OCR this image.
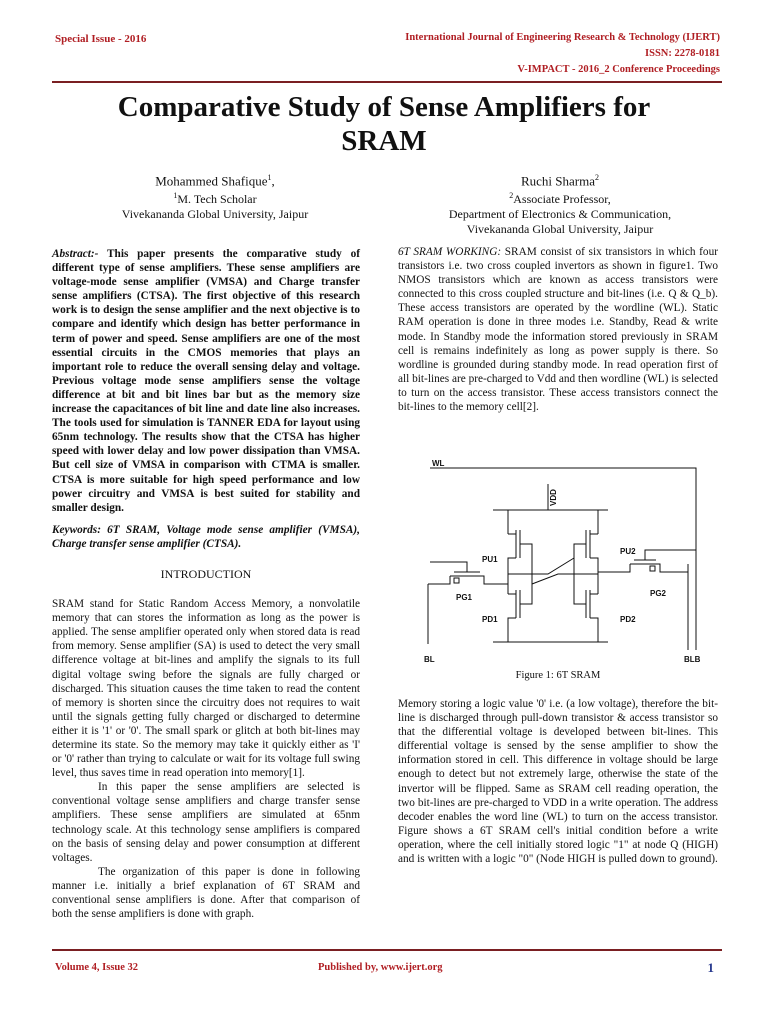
Special Issue - 2016	International Journal of Engineering Research & Technology (IJERT)
ISSN: 2278-0181
V-IMPACT - 2016_2 Conference Proceedings
Comparative Study of Sense Amplifiers for
SRAM
Mohammed Shafique$^1$,
$^1$M. Tech Scholar
Vivekananda Global University, Jaipur
Ruchi Sharma$^2$
$^2$Associate Professor,
Department of Electronics & Communication,
Vivekananda Global University, Jaipur

Abstract:- This paper presents the comparative study of different type of sense amplifiers. These sense amplifiers are voltage-mode sense amplifier (VMSA) and Charge transfer sense amplifiers (CTSA). The first objective of this research work is to design the sense amplifier and the next objective is to compare and identify which design has better performance in term of power and speed. Sense amplifiers are one of the most essential circuits in the CMOS memories that plays an important role to reduce the overall sensing delay and voltage. Previous voltage mode sense amplifiers sense the voltage difference at bit and bit lines bar but as the memory size increase the capacitances of bit line and date line also increases. The tools used for simulation is TANNER EDA for layout using 65nm technology. The results show that the CTSA has higher speed with lower delay and low power dissipation than VMSA. But cell size of VMSA in comparison with CTMA is smaller. CTSA is more suitable for high speed performance and low power circuitry and VMSA is best suited for stability and smaller design.

Keywords: 6T SRAM, Voltage mode sense amplifier (VMSA), Charge transfer sense amplifier (CTSA).

INTRODUCTION

SRAM stand for Static Random Access Memory, a nonvolatile memory that can stores the information as long as the power is applied. The sense amplifier operated only when stored data is read from memory. Sense amplifier (SA) is used to detect the very small difference voltage at bit-lines and amplify the signals to its full digital voltage swing before the signals are fully charged or discharged. This situation causes the time taken to read the content of memory is shorten since the circuitry does not requires to wait until the signals getting fully charged or discharged to determine either it is '1' or '0'. The small spark or glitch at both bit-lines may determine its state. So the memory may take it quickly either as 'I' or '0' rather than trying to calculate or wait for its voltage full swing level, thus saves time in read operation into memory[1].

In this paper the sense amplifiers are selected is conventional voltage sense amplifiers and charge transfer sense amplifiers. These sense amplifiers are simulated at 65nm technology scale. At this technology sense amplifiers is compared on the basis of sensing delay and power consumption at different voltages.

The organization of this paper is done in following manner i.e. initially a brief explanation of 6T SRAM and conventional sense amplifiers is done. After that comparison of both the sense amplifiers is done with graph.

6T SRAM WORKING: SRAM consist of six transistors in which four transistors i.e. two cross coupled invertors as shown in figure1. Two NMOS transistors which are known as access transistors were connected to this cross coupled structure and bit-lines (i.e. Q & Q_b). These access transistors are operated by the wordline (WL). Static RAM operation is done in three modes i.e. Standby, Read & write mode. In Standby mode the information stored previously in SRAM cell is remains indefinitely as long as power supply is there. So wordline is grounded during standby mode. In read operation first of all bit-lines are pre-charged to Vdd and then wordline (WL) is selected to turn on the access transistor. These access transistors connect the bit-lines to the memory cell[2].

WL
VDD
PU1
PU2
PG1	PG2
PD1	PD2
BL	BLB
Figure 1: 6T SRAM

Memory storing a logic value '0' i.e. (a low voltage), therefore the bit-line is discharged through pull-down transistor & access transistor so that the differential voltage is developed between bit-lines. This differential voltage is sensed by the sense amplifier to show the information stored in cell. This difference in voltage should be large enough to detect but not extremely large, otherwise the state of the invertor will be flipped. Same as SRAM cell reading operation, the two bit-lines are pre-charged to VDD in a write operation. The address decoder enables the word line (WL) to turn on the access transistor. Figure shows a 6T SRAM cell's initial condition before a write operation, where the cell initially stored logic "1" at node Q (HIGH) and is written with a logic "0" (Node HIGH is pulled down to ground).

Volume 4, Issue 32	Published by, www.ijert.org	1
